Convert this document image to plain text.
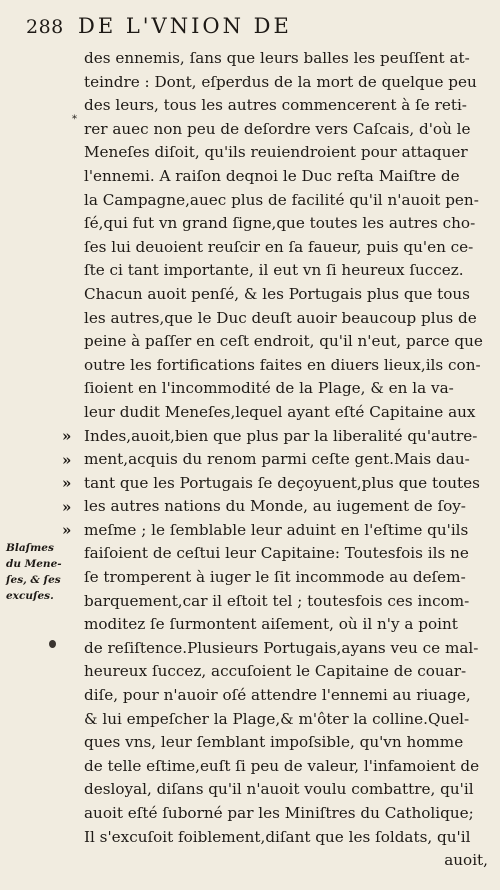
288 DE L'VNION DE
*
des ennemis, ſans que leurs balles les peuſſent at-
teindre : Dont, eſperdus de la mort de quelque peu
des leurs, tous les autres commencerent à ſe reti-
rer auec non peu de deſordre vers Caſcais, d'où le
Meneſes diſoit, qu'ils reuiendroient pour attaquer
l'ennemi. A raiſon deqnoi le Duc reſta Maiſtre de
la Campagne,auec plus de facilité qu'il n'auoit pen-
ſé,qui fut vn grand ſigne,que toutes les autres cho-
ſes lui deuoient reuſcir en ſa faueur, puis qu'en ce-
ſte ci tant importante, il eut vn ſi heureux ſuccez.
Chacun auoit penſé, & les Portugais plus que tous
les autres,que le Duc deuſt auoir beaucoup plus de
peine à paſſer en ceſt endroit, qu'il n'eut, parce que
outre les fortifications faites en diuers lieux,ils con-
ſioient en l'incommodité de la Plage, & en la va-
leur dudit Meneſes,lequel ayant eſté Capitaine aux
Indes,auoit,bien que plus par la liberalité qu'autre-
ment,acquis du renom parmi ceſte gent.Mais dau-
tant que les Portugais ſe deçoyuent,plus que toutes
les autres nations du Monde, au iugement de ſoy-
meſme ; le ſemblable leur aduint en l'eſtime qu'ils
faiſoient de ceſtui leur Capitaine: Toutesfois ils ne
ſe tromperent à iuger le ſit incommode au deſem-
barquement,car il eſtoit tel ; toutesfois ces incom-
moditez ſe ſurmontent aiſement, où il n'y a point
de reſiſtence.Plusieurs Portugais,ayans veu ce mal-
heureux ſuccez, accuſoient le Capitaine de couar-
diſe, pour n'auoir oſé attendre l'ennemi au riuage,
& lui empeſcher la Plage,& m'ôter la colline.Quel-
ques vns, leur ſemblant impoſsible, qu'vn homme
de telle eſtime,euſt ſi peu de valeur, l'infamoient de
desloyal, diſans qu'il n'auoit voulu combattre, qu'il
auoit eſté ſuborné par les Miniſtres du Catholique;
Il s'excuſoit foiblement,diſant que les ſoldats, qu'il
auoit,
»
»
»
»
»
Blaſmes
du Mene-
ſes, & ſes
excuſes.
